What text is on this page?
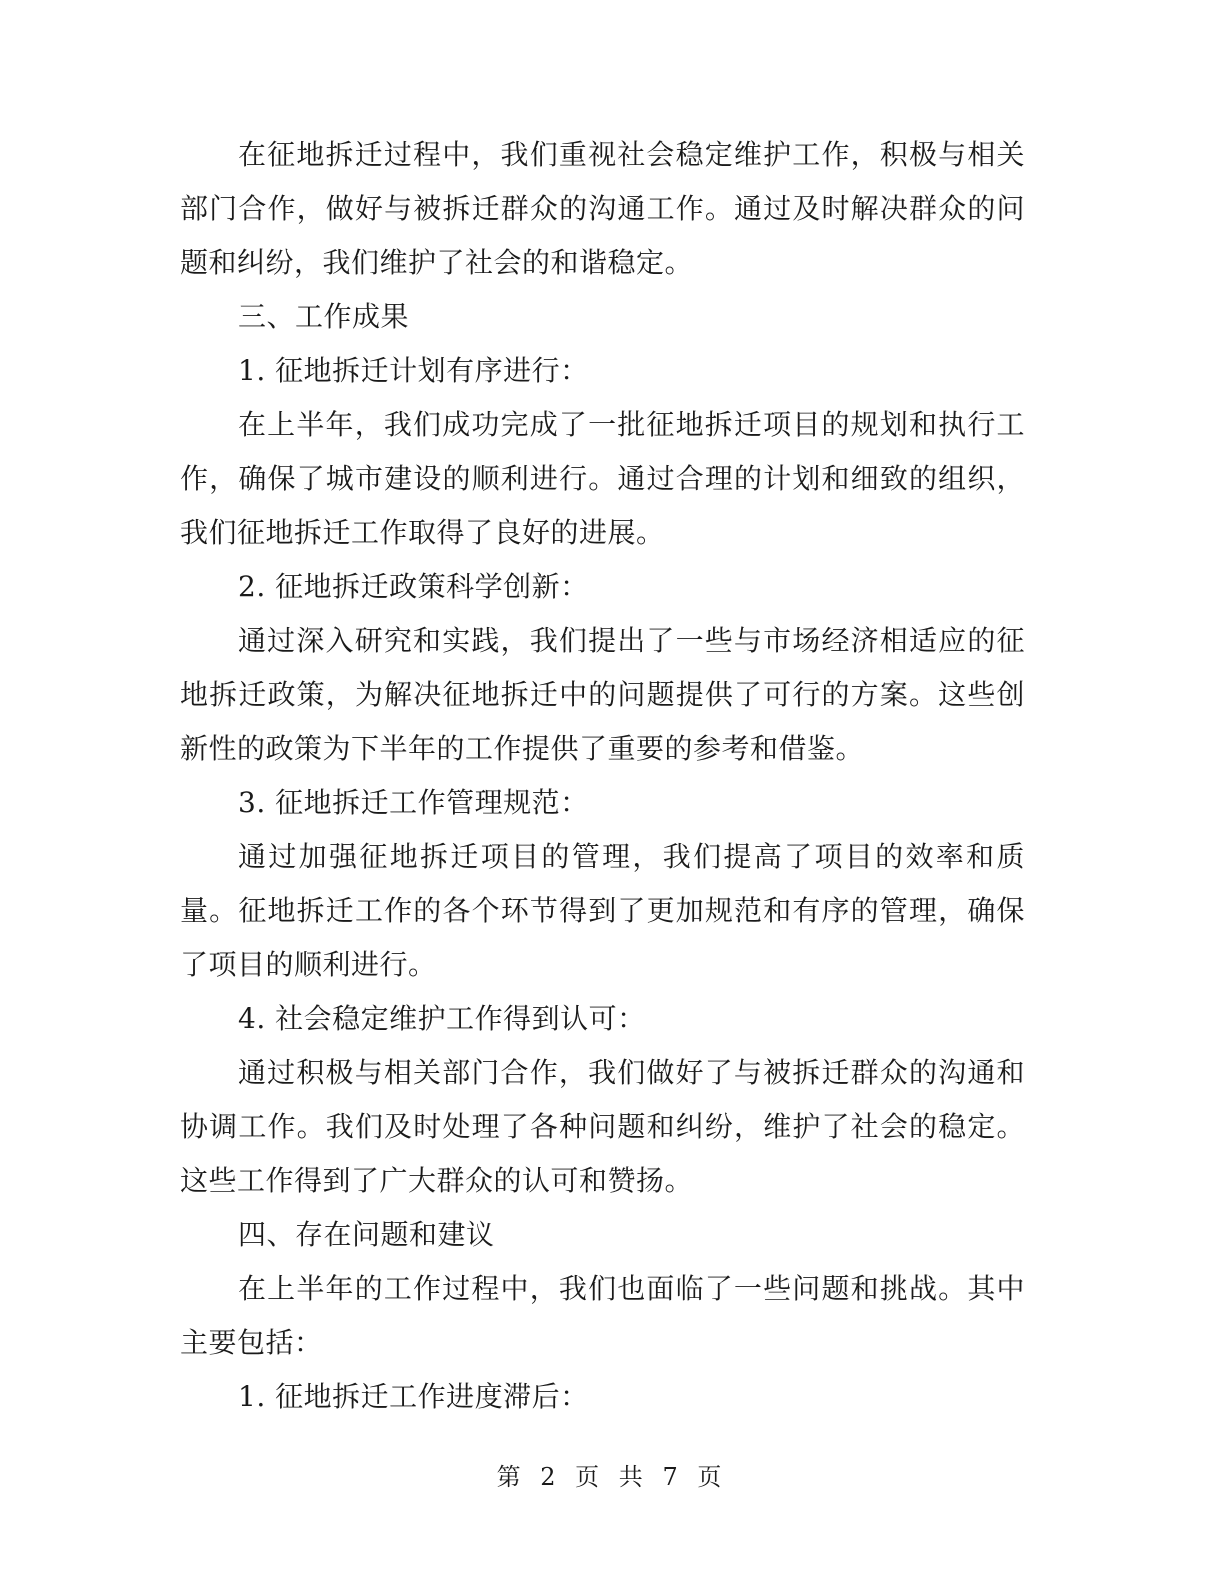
在征地拆迁过程中，我们重视社会稳定维护工作，积极与相关部门合作，做好与被拆迁群众的沟通工作。通过及时解决群众的问题和纠纷，我们维护了社会的和谐稳定。

三、工作成果

1. 征地拆迁计划有序进行：

在上半年，我们成功完成了一批征地拆迁项目的规划和执行工作，确保了城市建设的顺利进行。通过合理的计划和细致的组织，我们征地拆迁工作取得了良好的进展。

2. 征地拆迁政策科学创新：

通过深入研究和实践，我们提出了一些与市场经济相适应的征地拆迁政策，为解决征地拆迁中的问题提供了可行的方案。这些创新性的政策为下半年的工作提供了重要的参考和借鉴。

3. 征地拆迁工作管理规范：

通过加强征地拆迁项目的管理，我们提高了项目的效率和质量。征地拆迁工作的各个环节得到了更加规范和有序的管理，确保了项目的顺利进行。

4. 社会稳定维护工作得到认可：

通过积极与相关部门合作，我们做好了与被拆迁群众的沟通和协调工作。我们及时处理了各种问题和纠纷，维护了社会的稳定。这些工作得到了广大群众的认可和赞扬。

四、存在问题和建议

在上半年的工作过程中，我们也面临了一些问题和挑战。其中主要包括：

1. 征地拆迁工作进度滞后：

第 2 页 共 7 页
